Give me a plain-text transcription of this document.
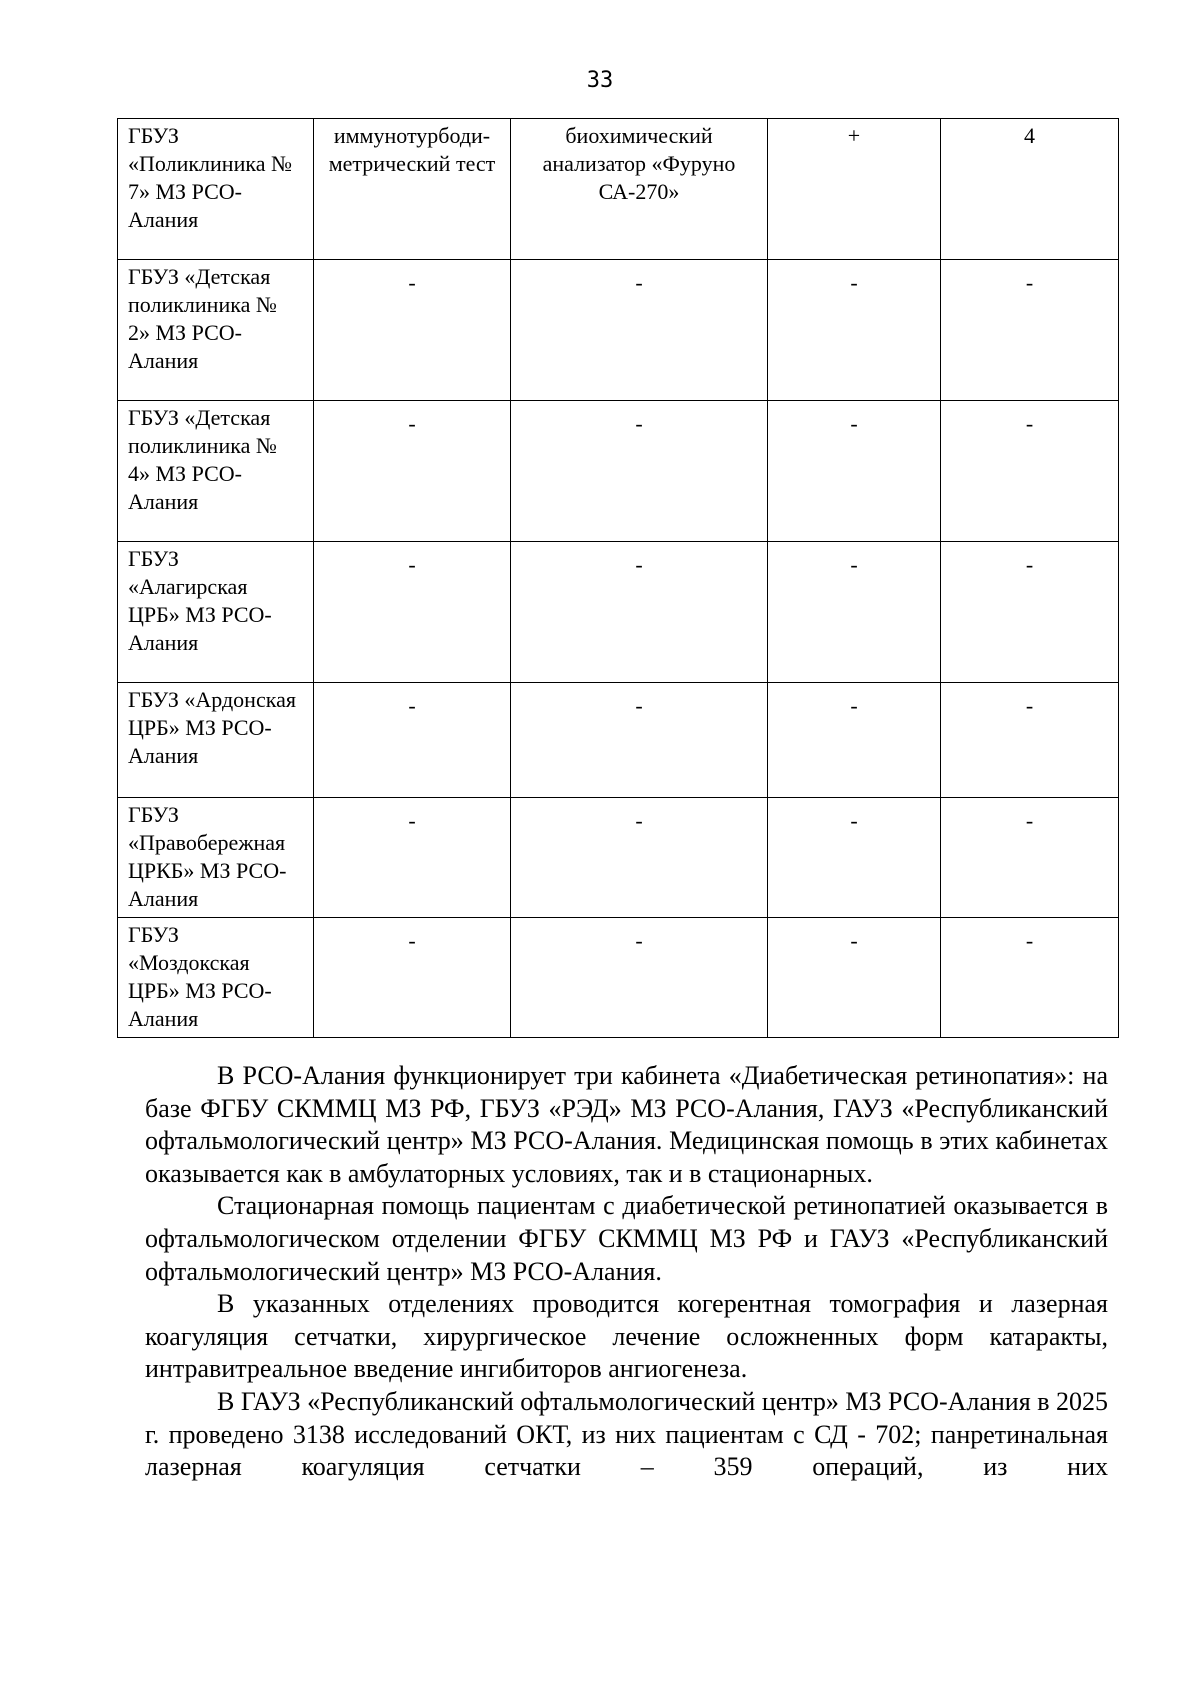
33
ГБУЗ «Поликлиника № 7» МЗ РСО-Алания	иммунотурбоди-метрический тест	биохимический анализатор «Фуруно СА-270»	+	4
ГБУЗ «Детская поликлиника № 2» МЗ РСО-Алания	-	-	-	-
ГБУЗ «Детская поликлиника № 4» МЗ РСО-Алания	-	-	-	-
ГБУЗ «Алагирская ЦРБ» МЗ РСО-Алания	-	-	-	-
ГБУЗ «Ардонская ЦРБ» МЗ РСО-Алания	-	-	-	-
ГБУЗ «Правобережная ЦРКБ» МЗ РСО-Алания	-	-	-	-
ГБУЗ «Моздокская ЦРБ» МЗ РСО-Алания	-	-	-	-

В РСО-Алания функционирует три кабинета «Диабетическая ретинопатия»: на базе ФГБУ СКММЦ МЗ РФ, ГБУЗ «РЭД» МЗ РСО-Алания, ГАУЗ «Республиканский офтальмологический центр» МЗ РСО-Алания. Медицинская помощь в этих кабинетах оказывается как в амбулаторных условиях, так и в стационарных.

Стационарная помощь пациентам с диабетической ретинопатией оказывается в офтальмологическом отделении ФГБУ СКММЦ МЗ РФ и ГАУЗ «Республиканский офтальмологический центр» МЗ РСО-Алания.

В указанных отделениях проводится когерентная томография и лазерная коагуляция сетчатки, хирургическое лечение осложненных форм катаракты, интравитреальное введение ингибиторов ангиогенеза.

В ГАУЗ «Республиканский офтальмологический центр» МЗ РСО-Алания в 2025 г. проведено 3138 исследований ОКТ, из них пациентам с СД - 702; панретинальная лазерная коагуляция сетчатки – 359 операций, из них
